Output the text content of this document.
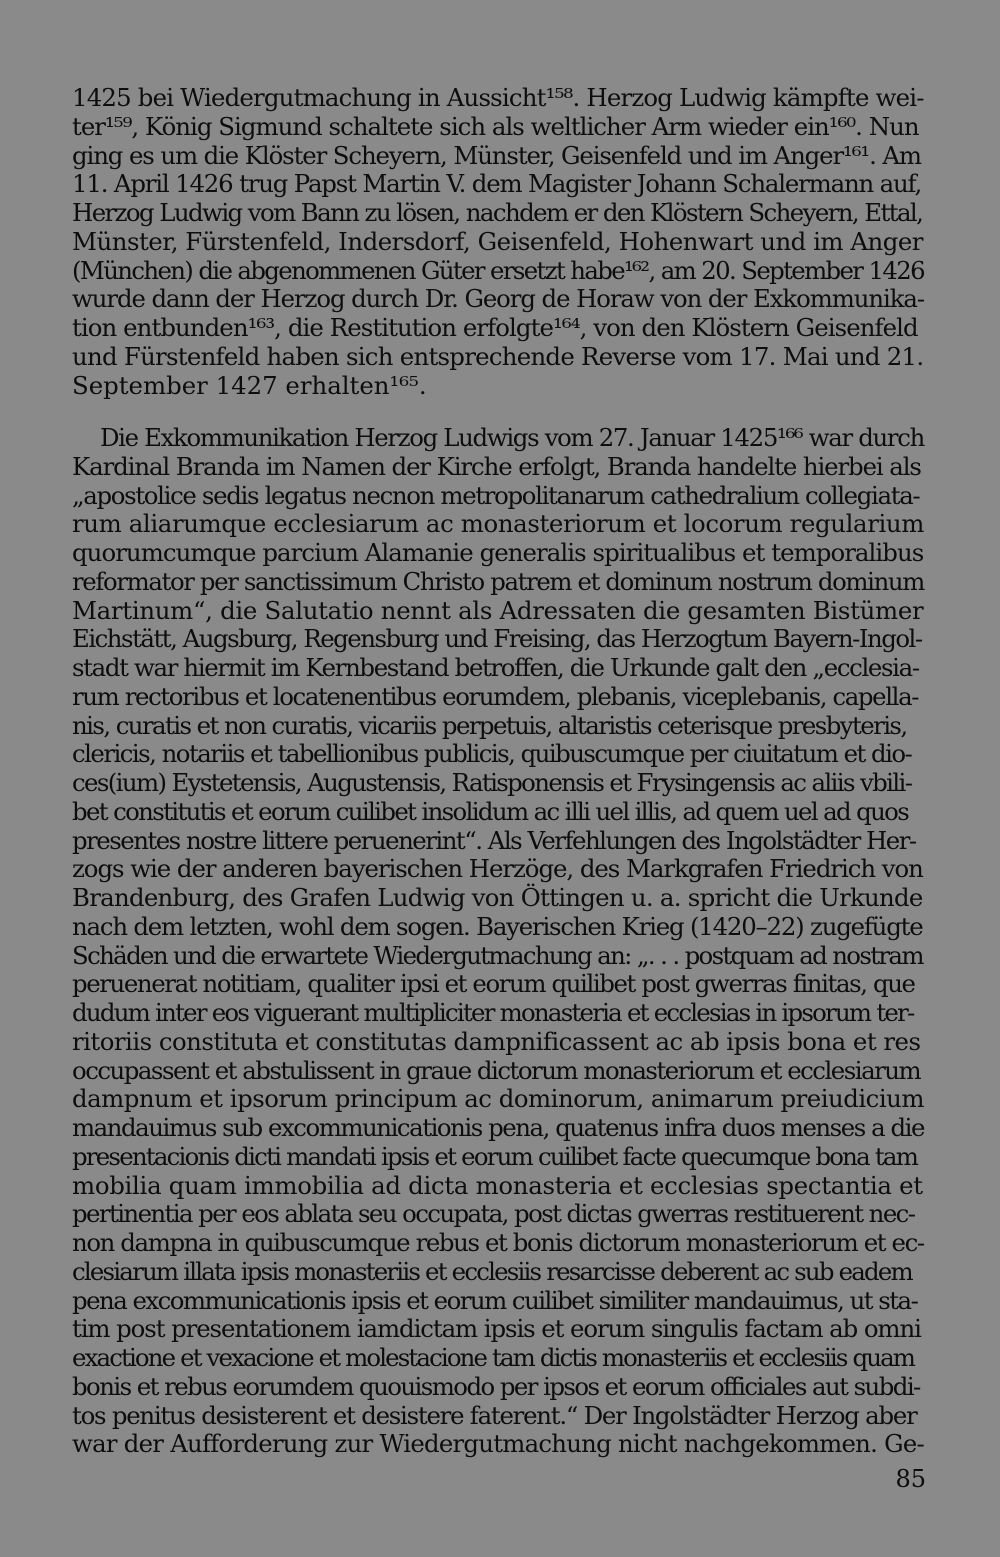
1425 bei Wiedergutmachung in Aussicht¹⁵⁸. Herzog Ludwig kämpfte wei-
ter¹⁵⁹, König Sigmund schaltete sich als weltlicher Arm wieder ein¹⁶⁰. Nun
ging es um die Klöster Scheyern, Münster, Geisenfeld und im Anger¹⁶¹. Am
11. April 1426 trug Papst Martin V. dem Magister Johann Schalermann auf,
Herzog Ludwig vom Bann zu lösen, nachdem er den Klöstern Scheyern, Ettal,
Münster, Fürstenfeld, Indersdorf, Geisenfeld, Hohenwart und im Anger
(München) die abgenommenen Güter ersetzt habe¹⁶², am 20. September 1426
wurde dann der Herzog durch Dr. Georg de Horaw von der Exkommunika-
tion entbunden¹⁶³, die Restitution erfolgte¹⁶⁴, von den Klöstern Geisenfeld
und Fürstenfeld haben sich entsprechende Reverse vom 17. Mai und 21.
September 1427 erhalten¹⁶⁵.
Die Exkommunikation Herzog Ludwigs vom 27. Januar 1425¹⁶⁶ war durch
Kardinal Branda im Namen der Kirche erfolgt, Branda handelte hierbei als
„apostolice sedis legatus necnon metropolitanarum cathedralium collegiata-
rum aliarumque ecclesiarum ac monasteriorum et locorum regularium
quorumcumque parcium Alamanie generalis spiritualibus et temporalibus
reformator per sanctissimum Christo patrem et dominum nostrum dominum
Martinum“, die Salutatio nennt als Adressaten die gesamten Bistümer
Eichstätt, Augsburg, Regensburg und Freising, das Herzogtum Bayern-Ingol-
stadt war hiermit im Kernbestand betroffen, die Urkunde galt den „ecclesia-
rum rectoribus et locatenentibus eorumdem, plebanis, viceplebanis, capella-
nis, curatis et non curatis, vicariis perpetuis, altaristis ceterisque presbyteris,
clericis, notariis et tabellionibus publicis, quibuscumque per ciuitatum et dio-
ces(ium) Eystetensis, Augustensis, Ratisponensis et Frysingensis ac aliis vbili-
bet constitutis et eorum cuilibet insolidum ac illi uel illis, ad quem uel ad quos
presentes nostre littere peruenerint“. Als Verfehlungen des Ingolstädter Her-
zogs wie der anderen bayerischen Herzöge, des Markgrafen Friedrich von
Brandenburg, des Grafen Ludwig von Öttingen u. a. spricht die Urkunde
nach dem letzten, wohl dem sogen. Bayerischen Krieg (1420–22) zugefügte
Schäden und die erwartete Wiedergutmachung an: „. . . postquam ad nostram
peruenerat notitiam, qualiter ipsi et eorum quilibet post gwerras finitas, que
dudum inter eos viguerant multipliciter monasteria et ecclesias in ipsorum ter-
ritoriis constituta et constitutas dampnificassent ac ab ipsis bona et res
occupassent et abstulissent in graue dictorum monasteriorum et ecclesiarum
dampnum et ipsorum principum ac dominorum, animarum preiudicium
mandauimus sub excommunicationis pena, quatenus infra duos menses a die
presentacionis dicti mandati ipsis et eorum cuilibet facte quecumque bona tam
mobilia quam immobilia ad dicta monasteria et ecclesias spectantia et
pertinentia per eos ablata seu occupata, post dictas gwerras restituerent nec-
non dampna in quibuscumque rebus et bonis dictorum monasteriorum et ec-
clesiarum illata ipsis monasteriis et ecclesiis resarcisse deberent ac sub eadem
pena excommunicationis ipsis et eorum cuilibet similiter mandauimus, ut sta-
tim post presentationem iamdictam ipsis et eorum singulis factam ab omni
exactione et vexacione et molestacione tam dictis monasteriis et ecclesiis quam
bonis et rebus eorumdem quouismodo per ipsos et eorum officiales aut subdi-
tos penitus desisterent et desistere faterent.“ Der Ingolstädter Herzog aber
war der Aufforderung zur Wiedergutmachung nicht nachgekommen. Ge-
85
